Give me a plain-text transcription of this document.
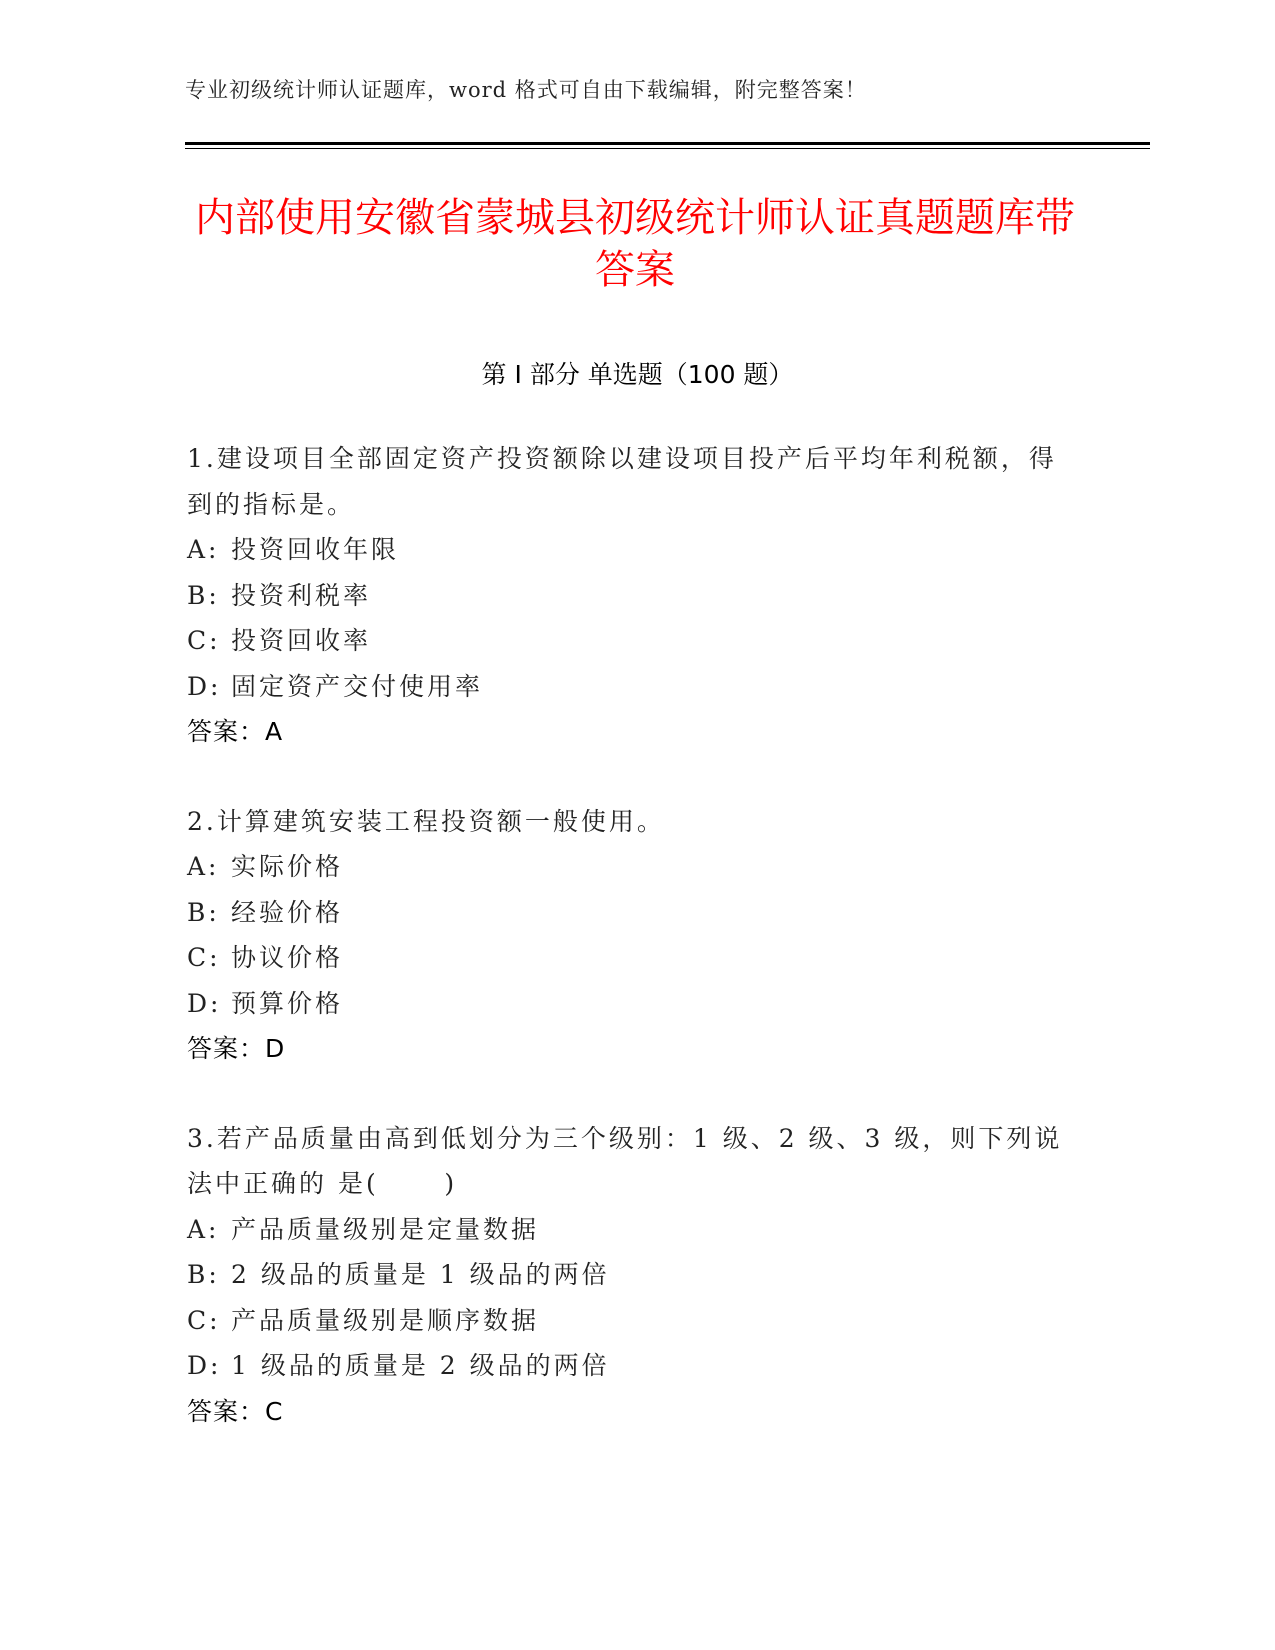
专业初级统计师认证题库，word 格式可自由下载编辑，附完整答案！
内部使用安徽省蒙城县初级统计师认证真题题库带答案
第 I 部分 单选题（100 题）
1.建设项目全部固定资产投资额除以建设项目投产后平均年利税额，得到的指标是。
A: 投资回收年限
B: 投资利税率
C: 投资回收率
D: 固定资产交付使用率
答案：A
2.计算建筑安装工程投资额一般使用。
A: 实际价格
B: 经验价格
C: 协议价格
D: 预算价格
答案：D
3.若产品质量由高到低划分为三个级别：1 级、2 级、3 级，则下列说法中正确的 是(      )
A: 产品质量级别是定量数据
B: 2 级品的质量是 1 级品的两倍
C: 产品质量级别是顺序数据
D: 1 级品的质量是 2 级品的两倍
答案：C
